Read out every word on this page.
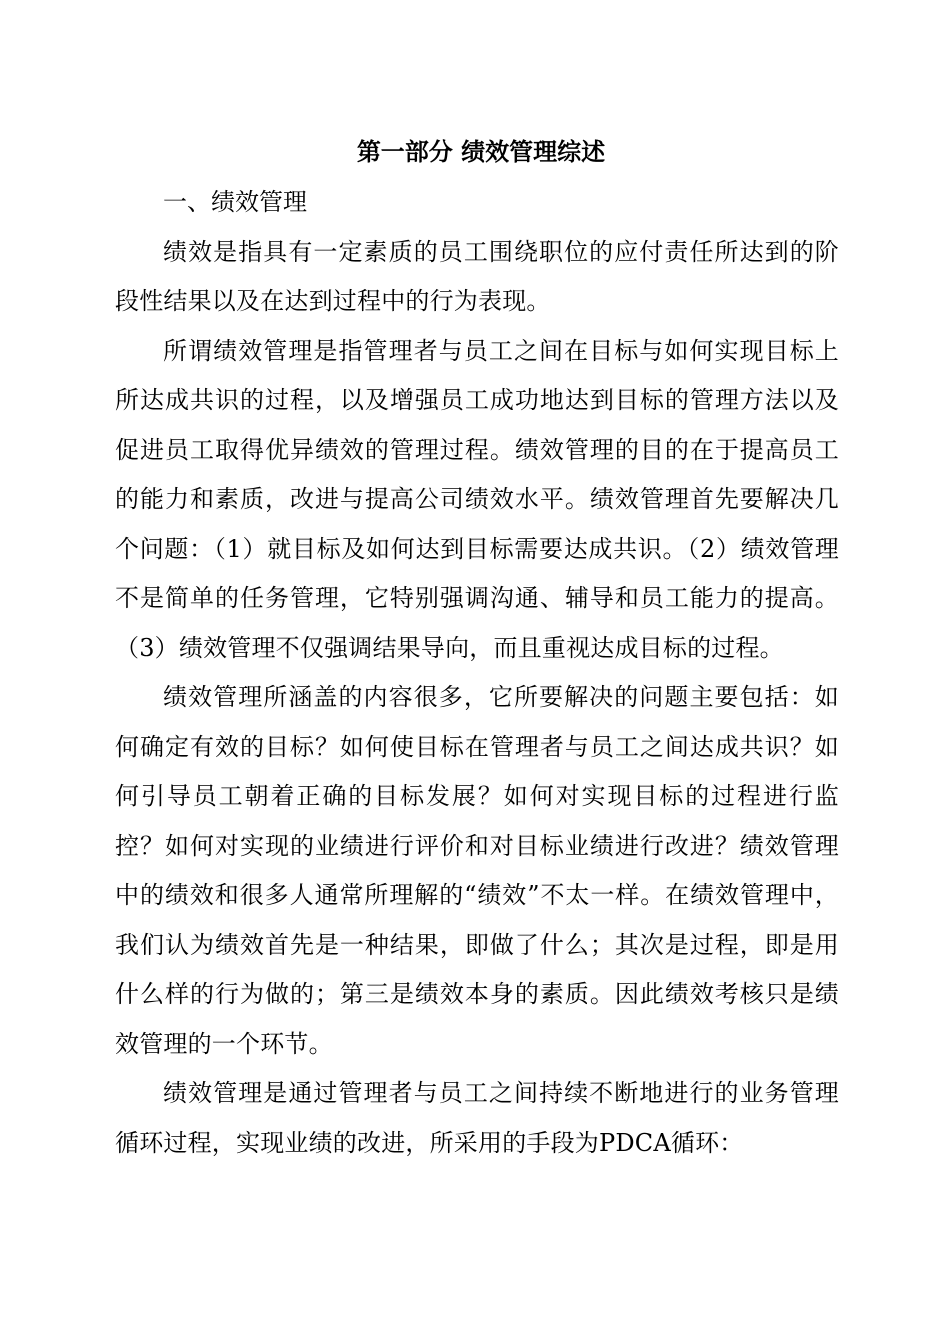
第一部分 绩效管理综述
一、绩效管理

绩效是指具有一定素质的员工围绕职位的应付责任所达到的阶段性结果以及在达到过程中的行为表现。

所谓绩效管理是指管理者与员工之间在目标与如何实现目标上所达成共识的过程，以及增强员工成功地达到目标的管理方法以及促进员工取得优异绩效的管理过程。绩效管理的目的在于提高员工的能力和素质，改进与提高公司绩效水平。绩效管理首先要解决几个问题：（1）就目标及如何达到目标需要达成共识。（2）绩效管理不是简单的任务管理，它特别强调沟通、辅导和员工能力的提高。（3）绩效管理不仅强调结果导向，而且重视达成目标的过程。

绩效管理所涵盖的内容很多，它所要解决的问题主要包括：如何确定有效的目标？如何使目标在管理者与员工之间达成共识？如何引导员工朝着正确的目标发展？如何对实现目标的过程进行监控？如何对实现的业绩进行评价和对目标业绩进行改进？绩效管理中的绩效和很多人通常所理解的“绩效”不太一样。在绩效管理中，我们认为绩效首先是一种结果，即做了什么；其次是过程，即是用什么样的行为做的；第三是绩效本身的素质。因此绩效考核只是绩效管理的一个环节。

绩效管理是通过管理者与员工之间持续不断地进行的业务管理循环过程，实现业绩的改进，所采用的手段为PDCA循环：
